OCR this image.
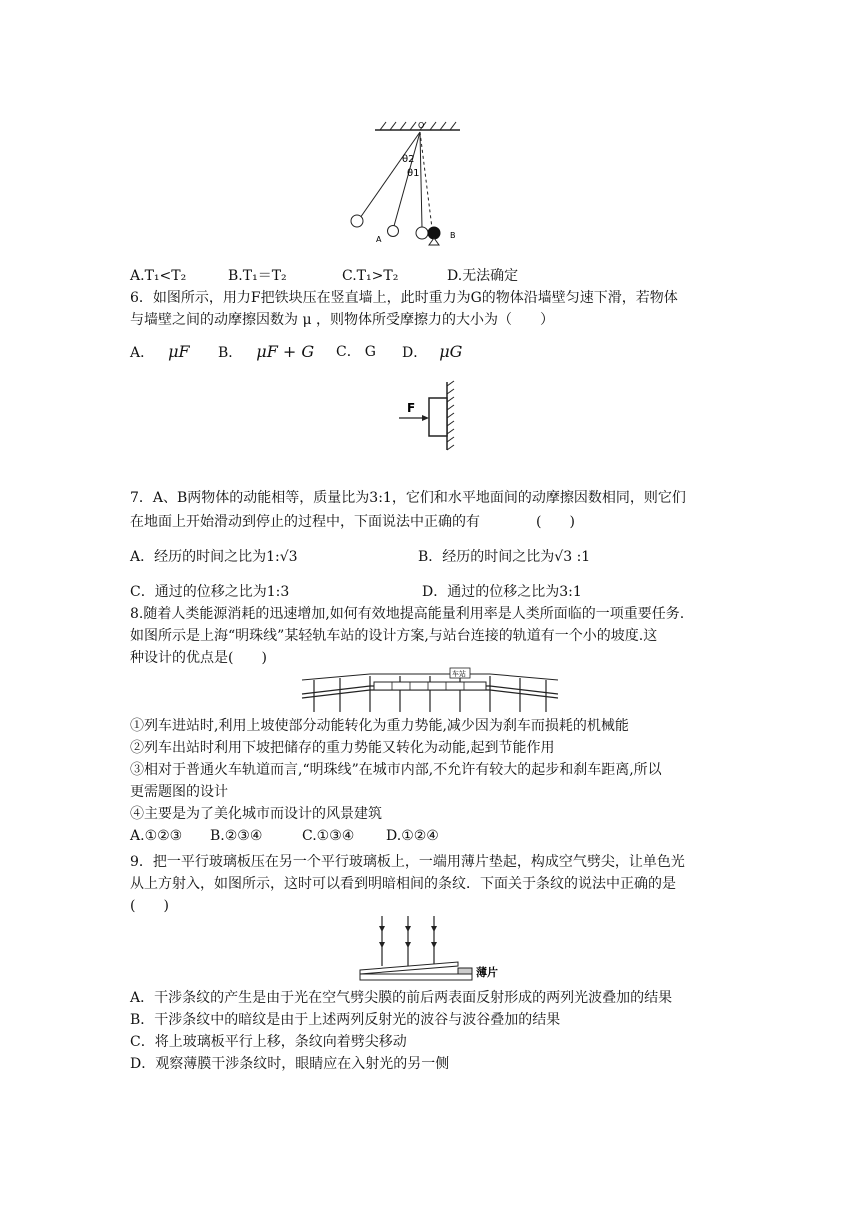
O
θ2
θ1
A	B
A.T₁<T₂	B.T₁＝T₂	C.T₁>T₂	D.无法确定
6．如图所示，用力F把铁块压在竖直墙上，此时重力为G的物体沿墙壁匀速下滑，若物体
与墙壁之间的动摩擦因数为 μ ，则物体所受摩擦力的大小为（　　）
A． μF B． μF + G C． G D． μG
F
7．A、B两物体的动能相等，质量比为3:1，它们和水平地面间的动摩擦因数相同，则它们
在地面上开始滑动到停止的过程中，下面说法中正确的有　　　　(　　)
A．经历的时间之比为1:√3	B．经历的时间之比为√3 :1
C．通过的位移之比为1:3	D．通过的位移之比为3:1
8.随着人类能源消耗的迅速增加,如何有效地提高能量利用率是人类所面临的一项重要任务.
如图所示是上海“明珠线”某轻轨车站的设计方案,与站台连接的轨道有一个小的坡度.这
种设计的优点是(　　)
车站
①列车进站时,利用上坡使部分动能转化为重力势能,减少因为刹车而损耗的机械能
②列车出站时利用下坡把储存的重力势能又转化为动能,起到节能作用
③相对于普通火车轨道而言,“明珠线”在城市内部,不允许有较大的起步和刹车距离,所以
更需题图的设计
④主要是为了美化城市而设计的风景建筑
A.①②③ B.②③④	C.①③④ D.①②④
9．把一平行玻璃板压在另一个平行玻璃板上，一端用薄片垫起，构成空气劈尖，让单色光
从上方射入，如图所示，这时可以看到明暗相间的条纹．下面关于条纹的说法中正确的是
(　　)
薄片
A．干涉条纹的产生是由于光在空气劈尖膜的前后两表面反射形成的两列光波叠加的结果
B．干涉条纹中的暗纹是由于上述两列反射光的波谷与波谷叠加的结果
C．将上玻璃板平行上移，条纹向着劈尖移动
D．观察薄膜干涉条纹时，眼睛应在入射光的另一侧
